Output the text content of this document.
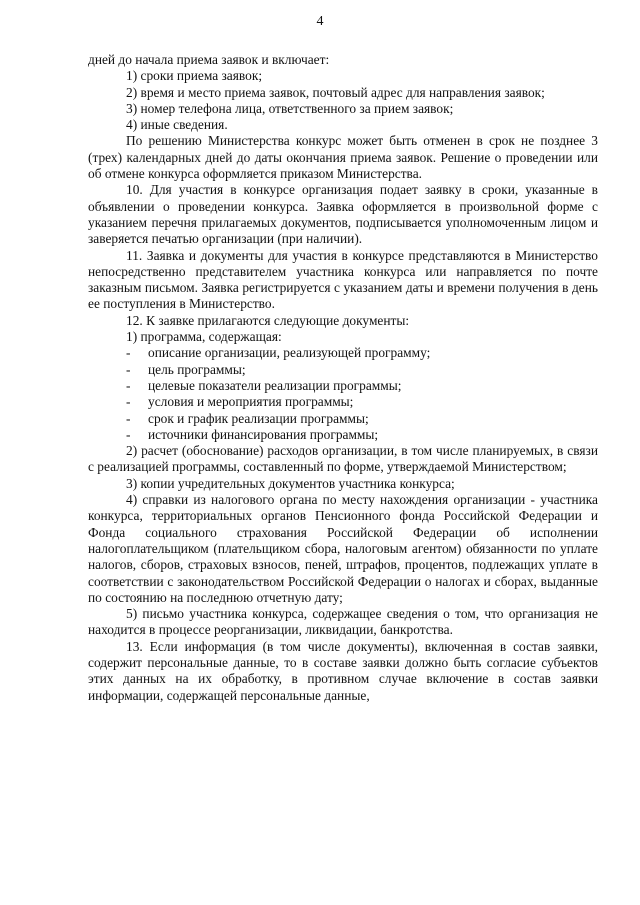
4

дней до начала приема заявок и включает:

1) сроки приема заявок;

2) время и место приема заявок, почтовый адрес для направления заявок;

3) номер телефона лица, ответственного за прием заявок;

4) иные сведения.

По решению Министерства конкурс может быть отменен в срок не позднее 3 (трех) календарных дней до даты окончания приема заявок. Решение о проведении или об отмене конкурса оформляется приказом Министерства.

10. Для участия в конкурсе организация подает заявку в сроки, указанные в объявлении о проведении конкурса. Заявка оформляется в произвольной форме с указанием перечня прилагаемых документов, подписывается уполномоченным лицом и заверяется печатью организации (при наличии).

11. Заявка и документы для участия в конкурсе представляются в Министерство непосредственно представителем участника конкурса или направляется по почте заказным письмом. Заявка регистрируется с указанием даты и времени получения в день ее поступления в Министерство.

12. К заявке прилагаются следующие документы:

1) программа, содержащая:

-	описание организации, реализующей программу;
-	цель программы;
-	целевые показатели реализации программы;
-	условия и мероприятия программы;
-	срок и график реализации программы;
-	источники финансирования программы;

2) расчет (обоснование) расходов организации, в том числе планируемых, в связи с реализацией программы, составленный по форме, утверждаемой Министерством;

3) копии учредительных документов участника конкурса;

4) справки из налогового органа по месту нахождения организации - участника конкурса, территориальных органов Пенсионного фонда Российской Федерации и Фонда социального страхования Российской Федерации об исполнении налогоплательщиком (плательщиком сбора, налоговым агентом) обязанности по уплате налогов, сборов, страховых взносов, пеней, штрафов, процентов, подлежащих уплате в соответствии с законодательством Российской Федерации о налогах и сборах, выданные по состоянию на последнюю отчетную дату;

5) письмо участника конкурса, содержащее сведения о том, что организация не находится в процессе реорганизации, ликвидации, банкротства.

13. Если информация (в том числе документы), включенная в состав заявки, содержит персональные данные, то в составе заявки должно быть согласие субъектов этих данных на их обработку, в противном случае включение в состав заявки информации, содержащей персональные данные,
